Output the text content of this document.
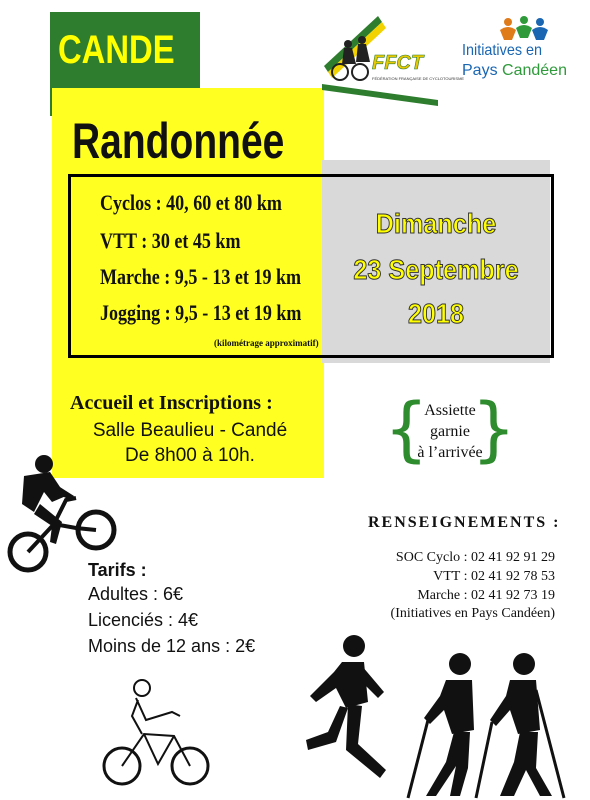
CANDE
Randonnée
Cyclos : 40, 60 et 80 km
VTT : 30 et 45 km
Marche : 9,5 - 13 et 19 km
Jogging : 9,5 - 13 et 19 km
(kilométrage approximatif)
Dimanche
23 Septembre
2018
Accueil et Inscriptions :
Salle Beaulieu - Candé
De 8h00 à 10h.	{
Assiette
garnie
à l’arrivée
}
RENSEIGNEMENTS :
SOC Cyclo : 02 41 92 91 29
VTT : 02 41 92 78 53
Marche : 02 41 92 73 19
(Initiatives en Pays Candéen)
Tarifs :
Adultes : 6€
Licenciés : 4€
Moins de 12 ans : 2€
FFCT
FÉDÉRATION FRANÇAISE DE CYCLOTOURISME
Initiatives en
Pays Candéen
